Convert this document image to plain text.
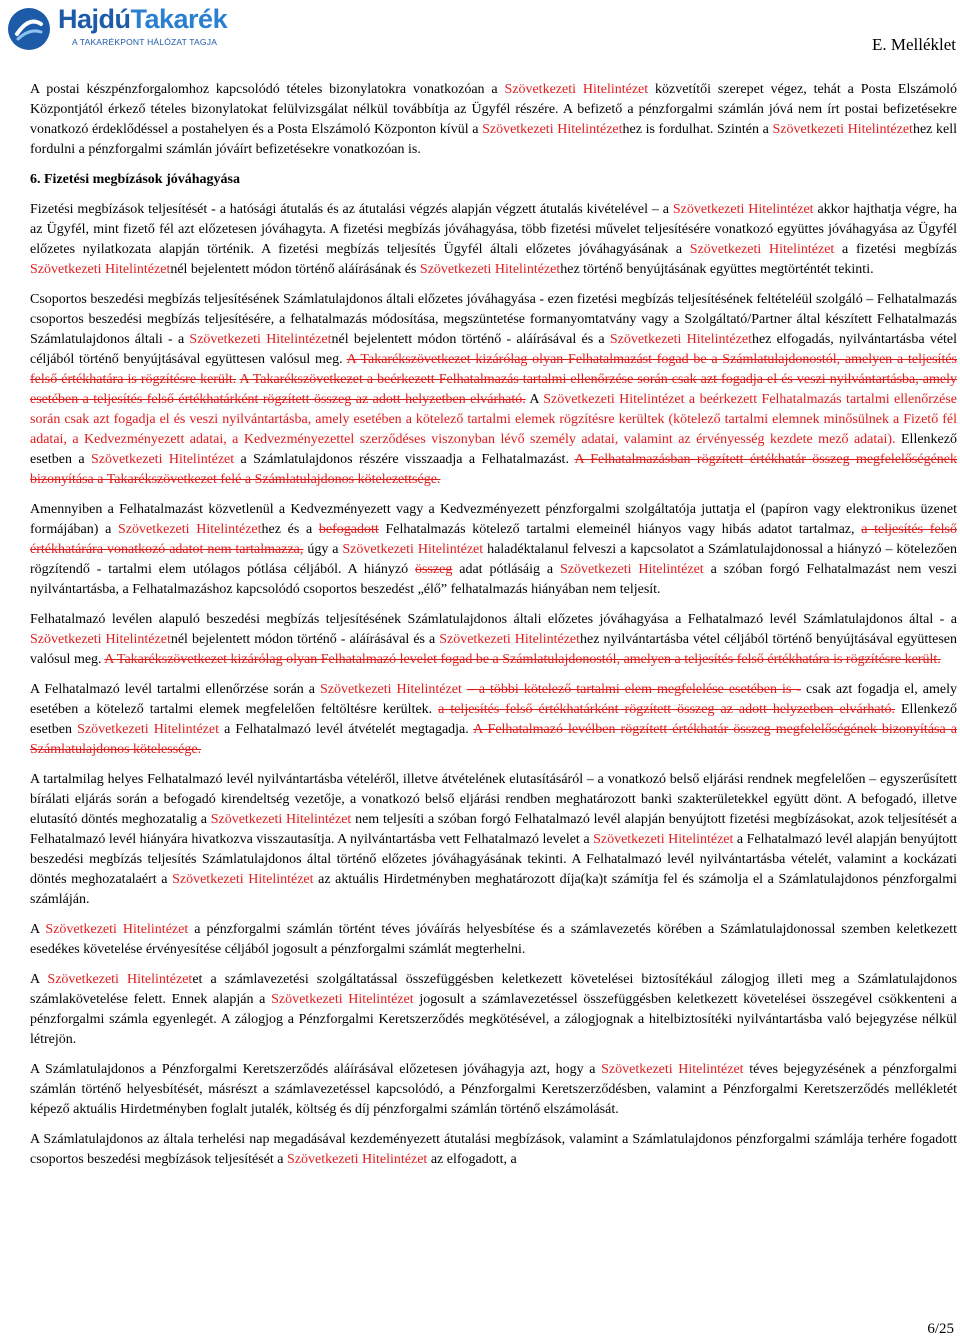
HajdúTakarék
A TAKARÉKPONT HÁLÓZAT TAGJA	E. Melléklet

A postai készpénzforgalomhoz kapcsolódó tételes bizonylatokra vonatkozóan a Szövetkezeti Hitelintézet közvetítői szerepet végez, tehát a Posta Elszámoló Központjától érkező tételes bizonylatokat felülvizsgálat nélkül továbbítja az Ügyfél részére. A befizető a pénzforgalmi számlán jóvá nem írt postai befizetésekre vonatkozó érdeklődéssel a postahelyen és a Posta Elszámoló Központon kívül a Szövetkezeti Hitelintézethez is fordulhat. Szintén a Szövetkezeti Hitelintézethez kell fordulni a pénzforgalmi számlán jóváírt befizetésekre vonatkozóan is.

6. Fizetési megbízások jóváhagyása

Fizetési megbízások teljesítését - a hatósági átutalás és az átutalási végzés alapján végzett átutalás kivételével – a Szövetkezeti Hitelintézet akkor hajthatja végre, ha az Ügyfél, mint fizető fél azt előzetesen jóváhagyta. A fizetési megbízás jóváhagyása, több fizetési művelet teljesítésére vonatkozó együttes jóváhagyása az Ügyfél előzetes nyilatkozata alapján történik. A fizetési megbízás teljesítés Ügyfél általi előzetes jóváhagyásának a Szövetkezeti Hitelintézet a fizetési megbízás Szövetkezeti Hitelintézetnél bejelentett módon történő aláírásának és Szövetkezeti Hitelintézethez történő benyújtásának együttes megtörténtét tekinti.

Csoportos beszedési megbízás teljesítésének Számlatulajdonos általi előzetes jóváhagyása - ezen fizetési megbízás teljesítésének feltételéül szolgáló – Felhatalmazás csoportos beszedési megbízás teljesítésére, a felhatalmazás módosítása, megszüntetése formanyomtatvány vagy a Szolgáltató/Partner által készített Felhatalmazás Számlatulajdonos általi - a Szövetkezeti Hitelintézetnél bejelentett módon történő - aláírásával és a Szövetkezeti Hitelintézethez elfogadás, nyilvántartásba vétel céljából történő benyújtásával együttesen valósul meg. A Takarékszövetkezet kizárólag olyan Felhatalmazást fogad be a Számlatulajdonostól, amelyen a teljesítés felső értékhatára is rögzítésre került. A Takarékszövetkezet a beérkezett Felhatalmazás tartalmi ellenőrzése során csak azt fogadja el és veszi nyilvántartásba, amely esetében a teljesítés felső értékhatárként rögzített összeg az adott helyzetben elvárható. A Szövetkezeti Hitelintézet a beérkezett Felhatalmazás tartalmi ellenőrzése során csak azt fogadja el és veszi nyilvántartásba, amely esetében a kötelező tartalmi elemek rögzítésre kerültek (kötelező tartalmi elemnek minősülnek a Fizető fél adatai, a Kedvezményezett adatai, a Kedvezményezettel szerződéses viszonyban lévő személy adatai, valamint az érvényesség kezdete mező adatai). Ellenkező esetben a Szövetkezeti Hitelintézet a Számlatulajdonos részére visszaadja a Felhatalmazást. A Felhatalmazásban rögzített értékhatár összeg megfelelőségének bizonyítása a Takarékszövetkezet felé a Számlatulajdonos kötelezettsége.

Amennyiben a Felhatalmazást közvetlenül a Kedvezményezett vagy a Kedvezményezett pénzforgalmi szolgáltatója juttatja el (papíron vagy elektronikus üzenet formájában) a Szövetkezeti Hitelintézethez és a befogadott Felhatalmazás kötelező tartalmi elemeinél hiányos vagy hibás adatot tartalmaz, a teljesítés felső értékhatárára vonatkozó adatot nem tartalmazza, úgy a Szövetkezeti Hitelintézet haladéktalanul felveszi a kapcsolatot a Számlatulajdonossal a hiányzó – kötelezően rögzítendő - tartalmi elem utólagos pótlása céljából. A hiányzó összeg adat pótlásáig a Szövetkezeti Hitelintézet a szóban forgó Felhatalmazást nem veszi nyilvántartásba, a Felhatalmazáshoz kapcsolódó csoportos beszedést „élő” felhatalmazás hiányában nem teljesít.

Felhatalmazó levélen alapuló beszedési megbízás teljesítésének Számlatulajdonos általi előzetes jóváhagyása a Felhatalmazó levél Számlatulajdonos által - a Szövetkezeti Hitelintézetnél bejelentett módon történő - aláírásával és a Szövetkezeti Hitelintézethez nyilvántartásba vétel céljából történő benyújtásával együttesen valósul meg. A Takarékszövetkezet kizárólag olyan Felhatalmazó levelet fogad be a Számlatulajdonostól, amelyen a teljesítés felső értékhatára is rögzítésre került.

A Felhatalmazó levél tartalmi ellenőrzése során a Szövetkezeti Hitelintézet – a többi kötelező tartalmi elem megfelelése esetében is - csak azt fogadja el, amely esetében a kötelező tartalmi elemek megfelelően feltöltésre kerültek. a teljesítés felső értékhatárként rögzített összeg az adott helyzetben elvárható. Ellenkező esetben Szövetkezeti Hitelintézet a Felhatalmazó levél átvételét megtagadja. A Felhatalmazó levélben rögzített értékhatár összeg megfelelőségének bizonyítása a Számlatulajdonos kötelessége.

A tartalmilag helyes Felhatalmazó levél nyilvántartásba vételéről, illetve átvételének elutasításáról – a vonatkozó belső eljárási rendnek megfelelően – egyszerűsített bírálati eljárás során a befogadó kirendeltség vezetője, a vonatkozó belső eljárási rendben meghatározott banki szakterületekkel együtt dönt. A befogadó, illetve elutasító döntés meghozatalig a Szövetkezeti Hitelintézet nem teljesíti a szóban forgó Felhatalmazó levél alapján benyújtott fizetési megbízásokat, azok teljesítését a Felhatalmazó levél hiányára hivatkozva visszautasítja. A nyilvántartásba vett Felhatalmazó levelet a Szövetkezeti Hitelintézet a Felhatalmazó levél alapján benyújtott beszedési megbízás teljesítés Számlatulajdonos által történő előzetes jóváhagyásának tekinti. A Felhatalmazó levél nyilvántartásba vételét, valamint a kockázati döntés meghozatalaért a Szövetkezeti Hitelintézet az aktuális Hirdetményben meghatározott díja(ka)t számítja fel és számolja el a Számlatulajdonos pénzforgalmi számláján.

A Szövetkezeti Hitelintézet a pénzforgalmi számlán történt téves jóváírás helyesbítése és a számlavezetés körében a Számlatulajdonossal szemben keletkezett esedékes követelése érvényesítése céljából jogosult a pénzforgalmi számlát megterhelni.

A Szövetkezeti Hitelintézetet a számlavezetési szolgáltatással összefüggésben keletkezett követelései biztosítékául zálogjog illeti meg a Számlatulajdonos számlakövetelése felett. Ennek alapján a Szövetkezeti Hitelintézet jogosult a számlavezetéssel összefüggésben keletkezett követelései összegével csökkenteni a pénzforgalmi számla egyenlegét. A zálogjog a Pénzforgalmi Keretszerződés megkötésével, a zálogjognak a hitelbiztosítéki nyilvántartásba való bejegyzése nélkül létrejön.

A Számlatulajdonos a Pénzforgalmi Keretszerződés aláírásával előzetesen jóváhagyja azt, hogy a Szövetkezeti Hitelintézet téves bejegyzésének a pénzforgalmi számlán történő helyesbítését, másrészt a számlavezetéssel kapcsolódó, a Pénzforgalmi Keretszerződésben, valamint a Pénzforgalmi Keretszerződés mellékletét képező aktuális Hirdetményben foglalt jutalék, költség és díj pénzforgalmi számlán történő elszámolását.

A Számlatulajdonos az általa terhelési nap megadásával kezdeményezett átutalási megbízások, valamint a Számlatulajdonos pénzforgalmi számlája terhére fogadott csoportos beszedési megbízások teljesítését a Szövetkezeti Hitelintézet az elfogadott, a

6/25
